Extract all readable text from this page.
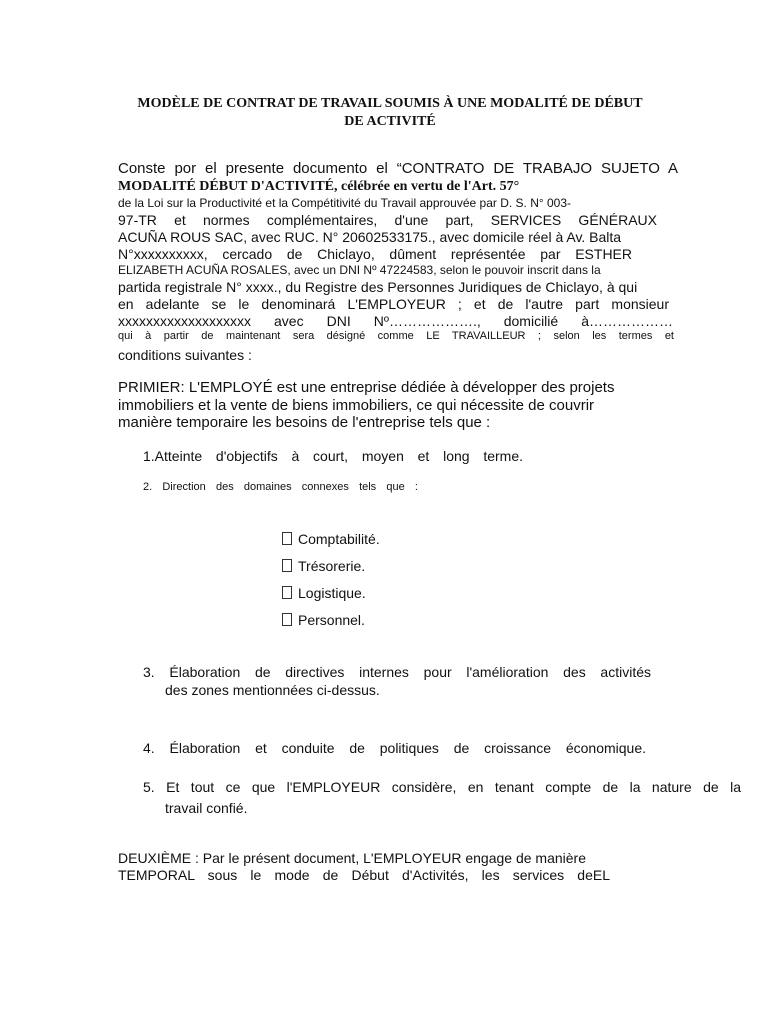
MODÈLE DE CONTRAT DE TRAVAIL SOUMIS À UNE MODALITÉ DE DÉBUT
DE ACTIVITÉ

Conste por el presente documento el “CONTRATO DE TRABAJO SUJETO A

MODALITÉ DÉBUT D'ACTIVITÉ, célébrée en vertu de l'Art. 57°

de la Loi sur la Productivité et la Compétitivité du Travail approuvée par D. S. N° 003-

97-TR et normes complémentaires, d'une part, SERVICES GÉNÉRAUX

ACUÑA ROUS SAC, avec RUC. N° 20602533175., avec domicile réel à Av. Balta

N°xxxxxxxxxx, cercado de Chiclayo, dûment représentée par ESTHER

ELIZABETH ACUÑA ROSALES, avec un DNI Nº 47224583, selon le pouvoir inscrit dans la

partida registrale N° xxxx., du Registre des Personnes Juridiques de Chiclayo, à qui

en adelante se le denominará L'EMPLOYEUR ; et de l'autre part monsieur

xxxxxxxxxxxxxxxxxxx avec DNI Nº………………., domicilié à………………

qui à partir de maintenant sera désigné comme LE TRAVAILLEUR ; selon les termes et

conditions suivantes :

PRIMIER: L'EMPLOYÉ est une entreprise dédiée à développer des projets

immobiliers et la vente de biens immobiliers, ce qui nécessite de couvrir

manière temporaire les besoins de l'entreprise tels que :

1.Atteinte d'objectifs à court, moyen et long terme.

2. Direction des domaines connexes tels que :

Comptabilité.
Trésorerie.
Logistique.
Personnel.

3. Élaboration de directives internes pour l'amélioration des activités

des zones mentionnées ci-dessus.

4. Élaboration et conduite de politiques de croissance économique.

5. Et tout ce que l'EMPLOYEUR considère, en tenant compte de la nature de la

travail confié.

DEUXIÈME : Par le présent document, L'EMPLOYEUR engage de manière

TEMPORAL sous le mode de Début d'Activités, les services deEL
